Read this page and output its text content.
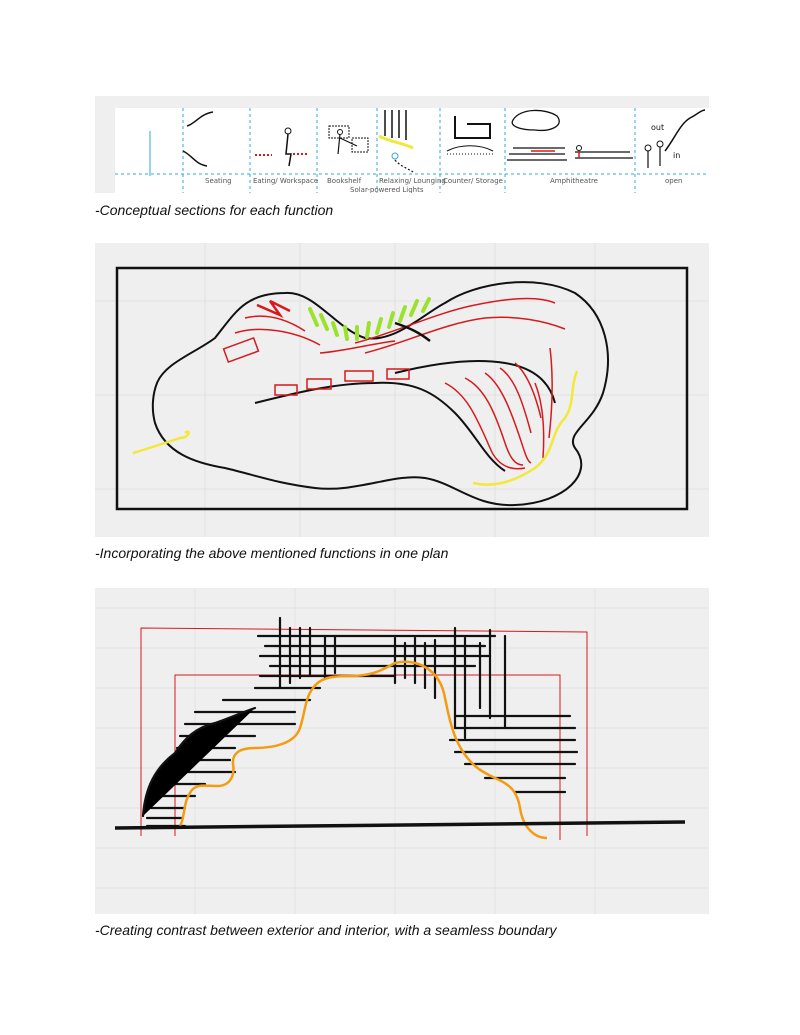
out
in
Seating	Eating/ Workspace Bookshelf	Relaxing/ Lounging
Counter/ Storage	Amphitheatre	open
Solar-powered Lights
-Conceptual sections for each function
-Incorporating the above mentioned functions in one plan
-Creating contrast between exterior and interior, with a seamless boundary
